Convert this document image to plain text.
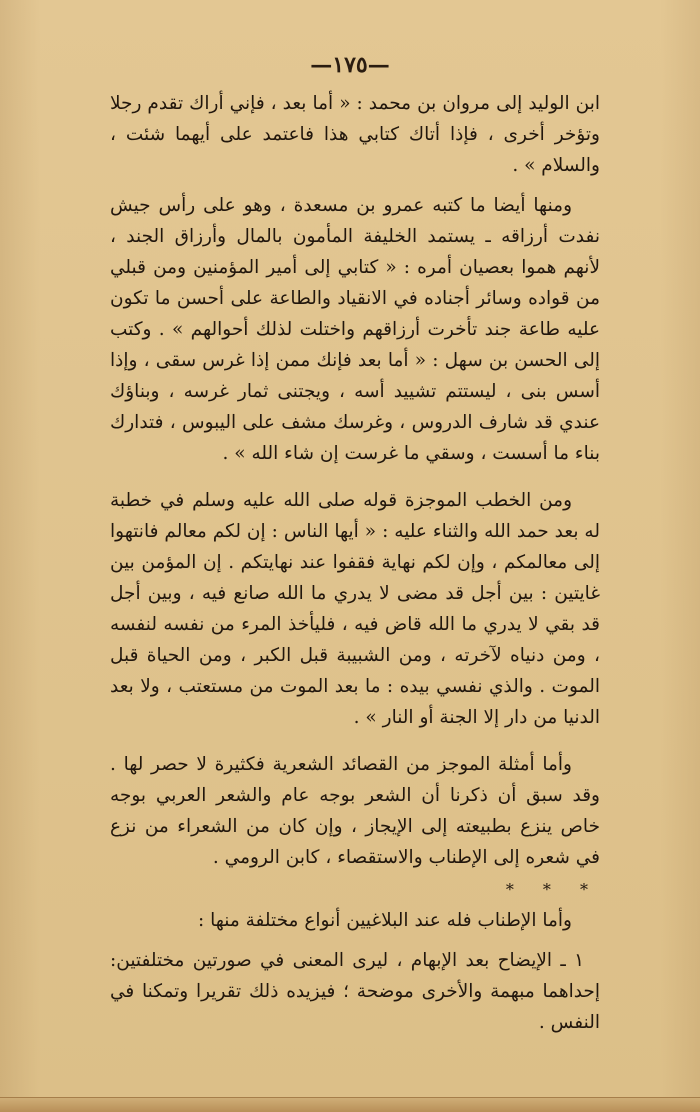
—١٧٥—

ابن الوليد إلى مروان بن محمد : « أما بعد ، فإني أراك تقدم رجلا وتؤخر أخرى ، فإذا أتاك كتابي هذا فاعتمد على أيهما شئت ، والسلام » .

ومنها أيضا ما كتبه عمرو بن مسعدة ، وهو على رأس جيش نفدت أرزاقه ـ يستمد الخليفة المأمون بالمال وأرزاق الجند ، لأنهم هموا بعصيان أمره : « كتابي إلى أمير المؤمنين ومن قبلي من قواده وسائر أجناده في الانقياد والطاعة على أحسن ما تكون عليه طاعة جند تأخرت أرزاقهم واختلت لذلك أحوالهم » . وكتب إلى الحسن بن سهل : « أما بعد فإنك ممن إذا غرس سقى ، وإذا أسس بنى ، ليستتم تشييد أسه ، ويجتنى ثمار غرسه ، وبناؤك عندي قد شارف الدروس ، وغرسك مشف على اليبوس ، فتدارك بناء ما أسست ، وسقي ما غرست إن شاء الله » .

ومن الخطب الموجزة قوله صلى الله عليه وسلم في خطبة له بعد حمد الله والثناء عليه : « أيها الناس : إن لكم معالم فانتهوا إلى معالمكم ، وإن لكم نهاية فقفوا عند نهايتكم . إن المؤمن بين غايتين : بين أجل قد مضى لا يدري ما الله صانع فيه ، وبين أجل قد بقي لا يدري ما الله قاض فيه ، فليأخذ المرء من نفسه لنفسه ، ومن دنياه لآخرته ، ومن الشبيبة قبل الكبر ، ومن الحياة قبل الموت . والذي نفسي بيده : ما بعد الموت من مستعتب ، ولا بعد الدنيا من دار إلا الجنة أو النار » .

وأما أمثلة الموجز من القصائد الشعرية فكثيرة لا حصر لها . وقد سبق أن ذكرنا أن الشعر بوجه عام والشعر العربي بوجه خاص ينزع بطبيعته إلى الإيجاز ، وإن كان من الشعراء من نزع في شعره إلى الإطناب والاستقصاء ، كابن الرومي .

* * *

وأما الإطناب فله عند البلاغيين أنواع مختلفة منها :

١ ـ الإيضاح بعد الإبهام ، ليرى المعنى في صورتين مختلفتين: إحداهما مبهمة والأخرى موضحة ؛ فيزيده ذلك تقريرا وتمكنا في النفس .
